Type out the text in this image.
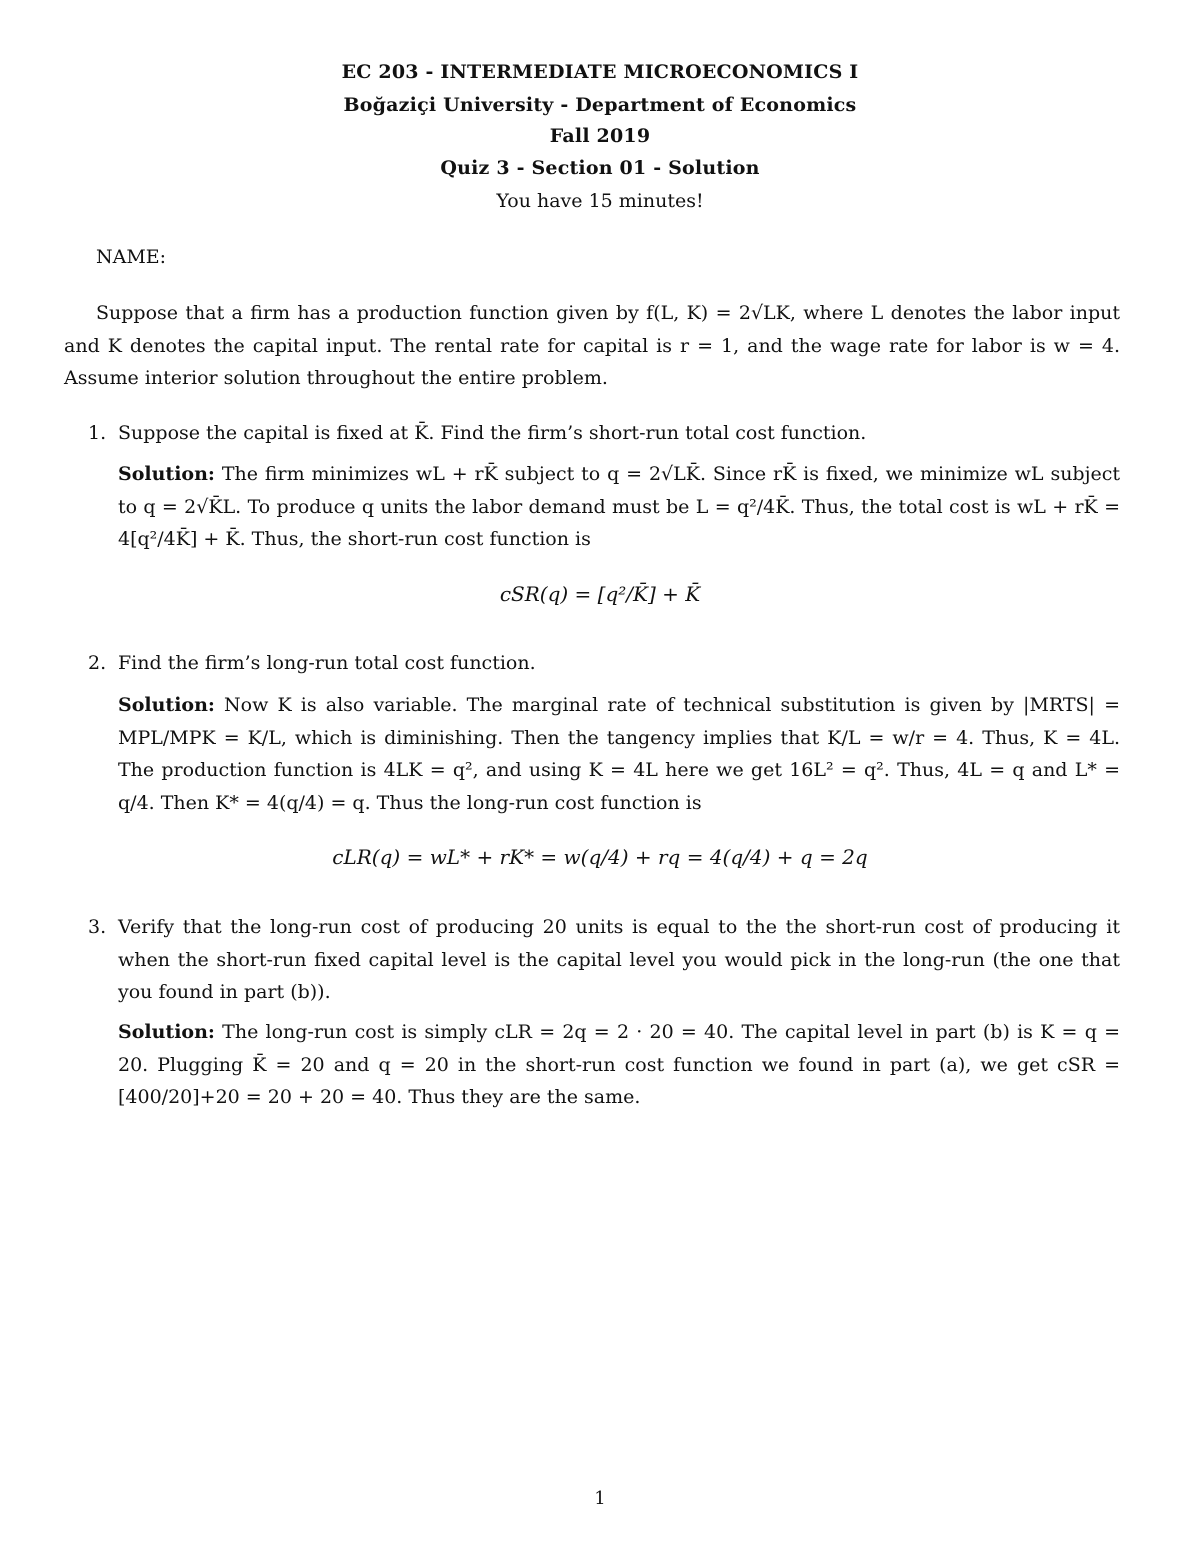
EC 203 - INTERMEDIATE MICROECONOMICS I
Boğaziçi University - Department of Economics
Fall 2019
Quiz 3 - Section 01 - Solution
You have 15 minutes!
NAME:
Suppose that a firm has a production function given by f(L, K) = 2√LK, where L denotes the labor input and K denotes the capital input. The rental rate for capital is r = 1, and the wage rate for labor is w = 4. Assume interior solution throughout the entire problem.
1. Suppose the capital is fixed at K̄. Find the firm’s short-run total cost function.
Solution: The firm minimizes wL + rK̄ subject to q = 2√LK̄. Since rK̄ is fixed, we minimize wL subject to q = 2√K̄L. To produce q units the labor demand must be L = q²/4K̄. Thus, the total cost is wL + rK̄ = 4[q²/4K̄] + K̄. Thus, the short-run cost function is
cSR(q) = [q²/K̄] + K̄
2. Find the firm’s long-run total cost function.
Solution: Now K is also variable. The marginal rate of technical substitution is given by |MRTS| = MPL/MPK = K/L, which is diminishing. Then the tangency implies that K/L = w/r = 4. Thus, K = 4L. The production function is 4LK = q², and using K = 4L here we get 16L² = q². Thus, 4L = q and L* = q/4. Then K* = 4(q/4) = q. Thus the long-run cost function is
cLR(q) = wL* + rK* = w(q/4) + rq = 4(q/4) + q = 2q
3. Verify that the long-run cost of producing 20 units is equal to the the short-run cost of producing it when the short-run fixed capital level is the capital level you would pick in the long-run (the one that you found in part (b)).
Solution: The long-run cost is simply cLR = 2q = 2 · 20 = 40. The capital level in part (b) is K = q = 20. Plugging K̄ = 20 and q = 20 in the short-run cost function we found in part (a), we get cSR = [400/20]+20 = 20 + 20 = 40. Thus they are the same.
1
